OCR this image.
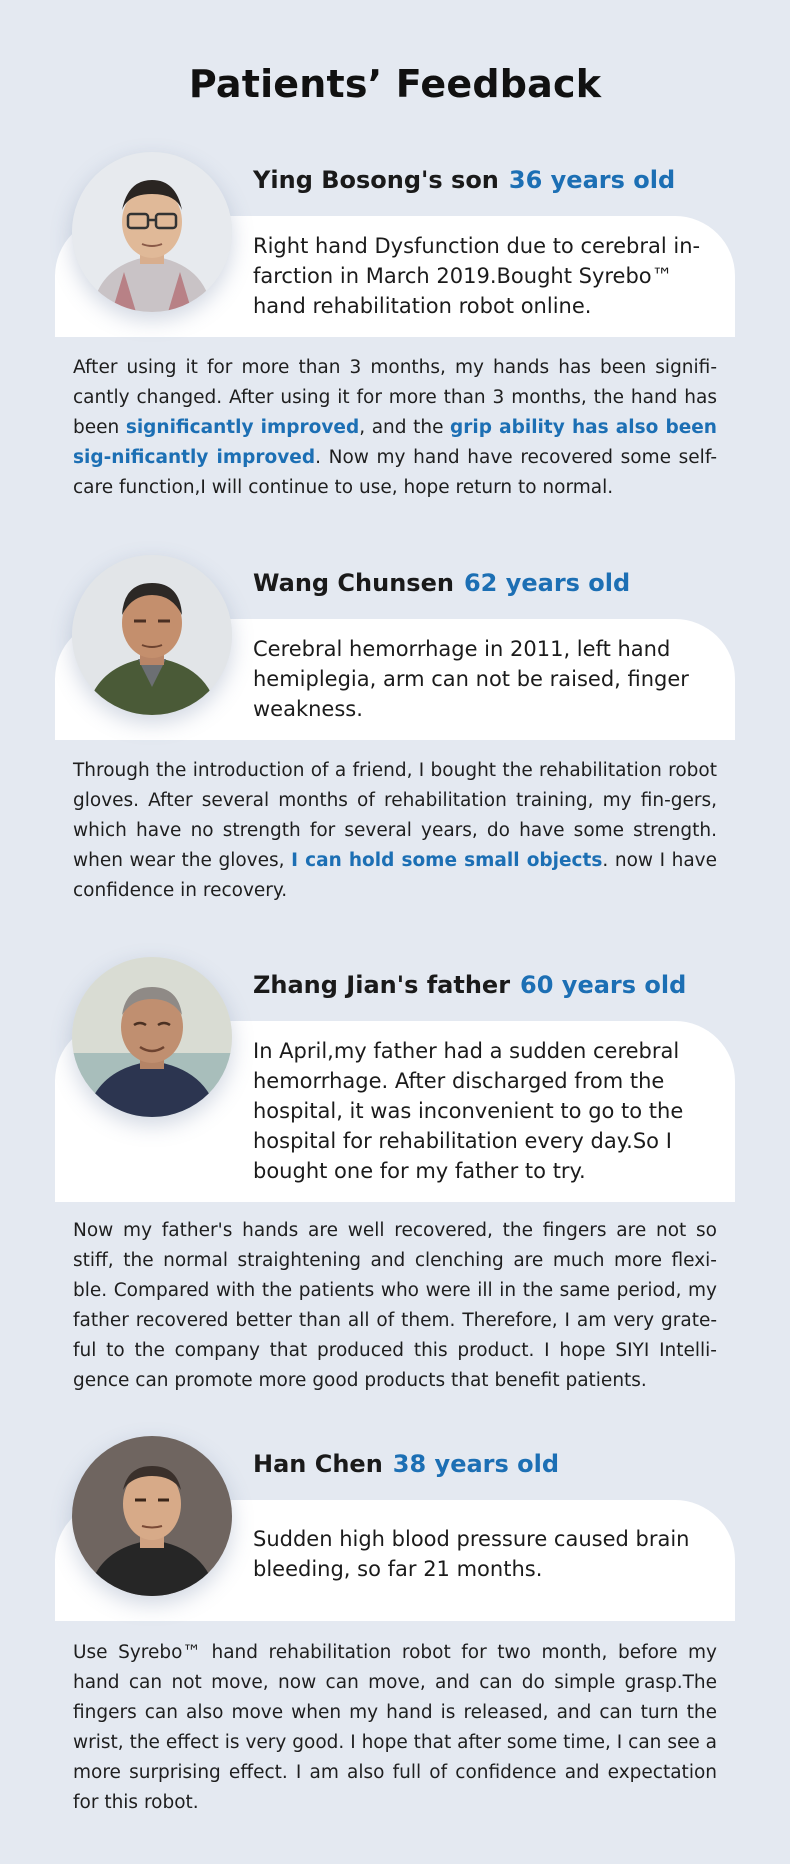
Patients’ Feedback
Ying Bosong's son 36 years old
Right hand Dysfunction due to cerebral in-farction in March 2019.Bought Syrebo™ hand rehabilitation robot online.
After using it for more than 3 months, my hands has been signifi-cantly changed. After using it for more than 3 months, the hand has been significantly improved, and the grip ability has also been sig-nificantly improved. Now my hand have recovered some self-care function,I will continue to use, hope return to normal.
Wang Chunsen 62 years old
Cerebral hemorrhage in 2011, left hand hemiplegia, arm can not be raised, finger weakness.
Through the introduction of a friend, I bought the rehabilitation robot gloves. After several months of rehabilitation training, my fin-gers, which have no strength for several years, do have some strength. when wear the gloves, I can hold some small objects. now I have confidence in recovery.
Zhang Jian's father 60 years old
In April,my father had a sudden cerebral hemorrhage. After discharged from the hospital, it was inconvenient to go to the hospital for rehabilitation every day.So I bought one for my father to try.
Now my father's hands are well recovered, the fingers are not so stiff, the normal straightening and clenching are much more flexi-ble. Compared with the patients who were ill in the same period, my father recovered better than all of them. Therefore, I am very grate-ful to the company that produced this product. I hope SIYI Intelli-gence can promote more good products that benefit patients.
Han Chen 38 years old
Sudden high blood pressure caused brain bleeding, so far 21 months.
Use Syrebo™ hand rehabilitation robot for two month, before my hand can not move, now can move, and can do simple grasp.The fingers can also move when my hand is released, and can turn the wrist, the effect is very good. I hope that after some time, I can see a more surprising effect. I am also full of confidence and expectation for this robot.
